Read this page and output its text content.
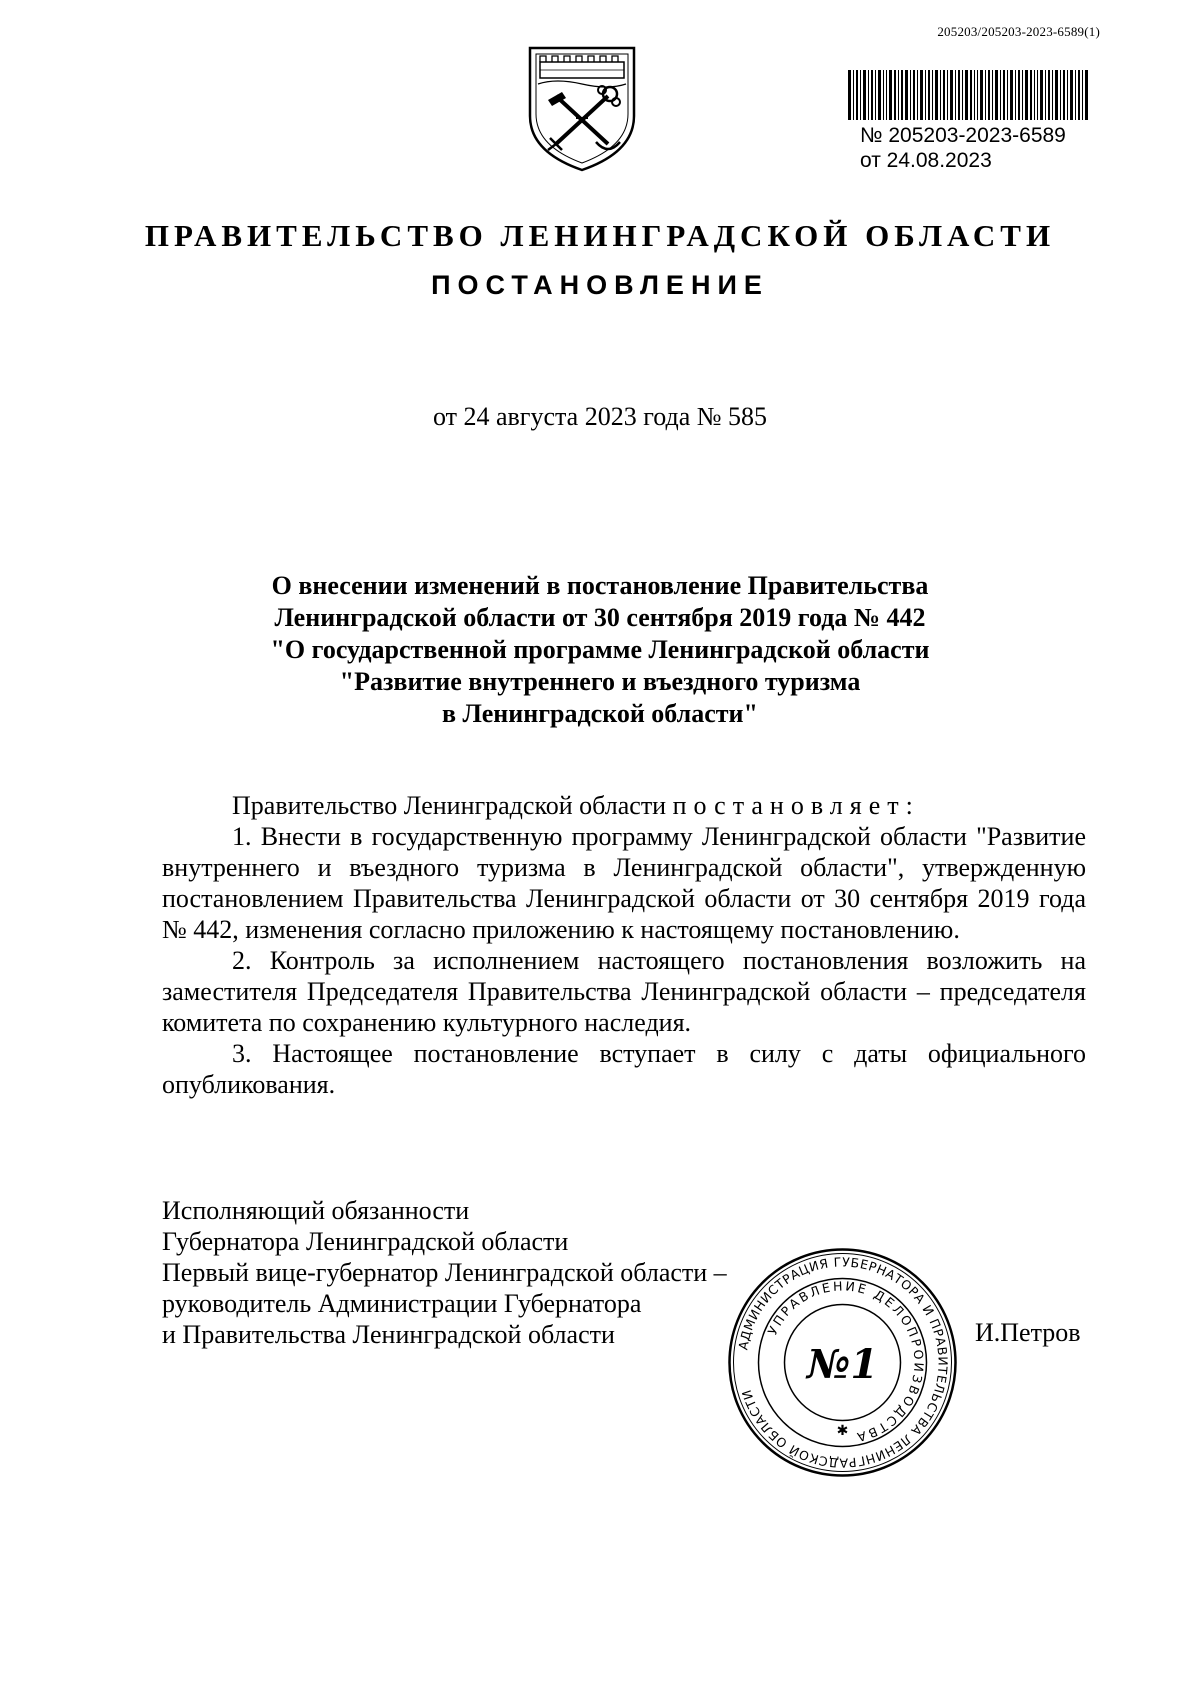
205203/205203-2023-6589(1)
№ 205203-2023-6589
от 24.08.2023
ПРАВИТЕЛЬСТВО ЛЕНИНГРАДСКОЙ ОБЛАСТИ
ПОСТАНОВЛЕНИЕ
от 24 августа 2023 года № 585
О внесении изменений в постановление Правительства
Ленинградской области от 30 сентября 2019 года № 442
"О государственной программе Ленинградской области
"Развитие внутреннего и въездного туризма
в Ленинградской области"

Правительство Ленинградской области постановляет:

1. Внести в государственную программу Ленинградской области "Развитие внутреннего и въездного туризма в Ленинградской области", утвержденную постановлением Правительства Ленинградской области от 30 сентября 2019 года № 442, изменения согласно приложению к настоящему постановлению.

2. Контроль за исполнением настоящего постановления возложить на заместителя Председателя Правительства Ленинградской области – председателя комитета по сохранению культурного наследия.

3. Настоящее постановление вступает в силу с даты официального опубликования.

Исполняющий обязанности

Губернатора Ленинградской области

Первый вице-губернатор Ленинградской области –

руководитель Администрации Губернатора

и Правительства Ленинградской области	И.Петров
АДМИНИСТРАЦИЯ ГУБЕРНАТОРА И ПРАВИТЕЛЬСТВА ЛЕНИНГРАДСКОЙ ОБЛАСТИ
УПРАВЛЕНИЕ ДЕЛОПРОИЗВОДСТВА
№1
✱
